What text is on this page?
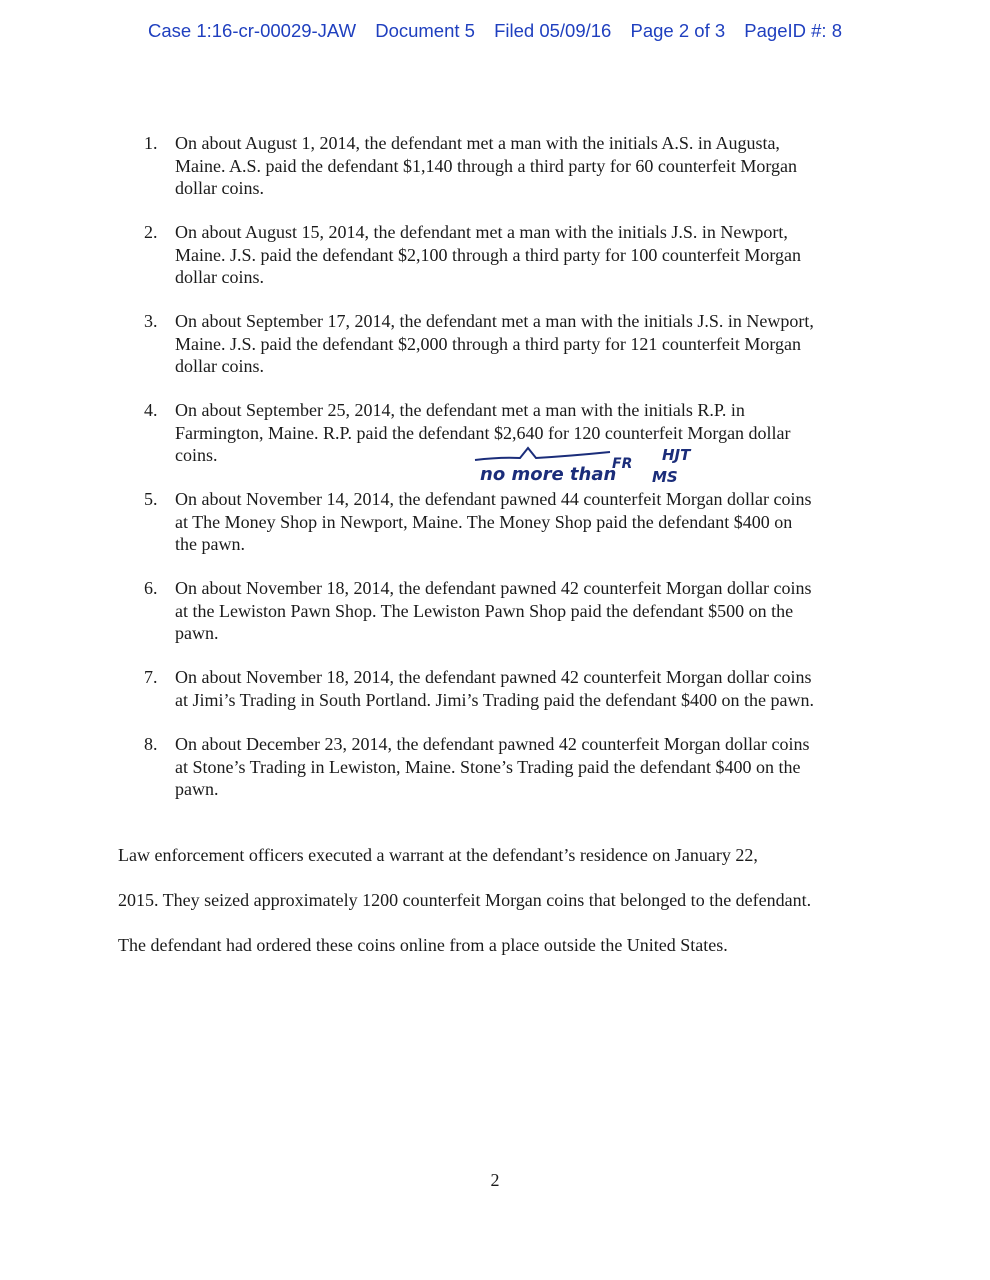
Case 1:16-cr-00029-JAW Document 5 Filed 05/09/16 Page 2 of 3 PageID #: 8
1. On about August 1, 2014, the defendant met a man with the initials A.S. in Augusta,
Maine. A.S. paid the defendant $1,140 through a third party for 60 counterfeit Morgan
dollar coins.
2. On about August 15, 2014, the defendant met a man with the initials J.S. in Newport,
Maine. J.S. paid the defendant $2,100 through a third party for 100 counterfeit Morgan
dollar coins.
3. On about September 17, 2014, the defendant met a man with the initials J.S. in Newport,
Maine. J.S. paid the defendant $2,000 through a third party for 121 counterfeit Morgan
dollar coins.
4. On about September 25, 2014, the defendant met a man with the initials R.P. in
Farmington, Maine. R.P. paid the defendant $2,640 for 120 counterfeit Morgan dollar
coins.
5. On about November 14, 2014, the defendant pawned 44 counterfeit Morgan dollar coins
at The Money Shop in Newport, Maine. The Money Shop paid the defendant $400 on
the pawn.
6. On about November 18, 2014, the defendant pawned 42 counterfeit Morgan dollar coins
at the Lewiston Pawn Shop. The Lewiston Pawn Shop paid the defendant $500 on the
pawn.
7. On about November 18, 2014, the defendant pawned 42 counterfeit Morgan dollar coins
at Jimi’s Trading in South Portland. Jimi’s Trading paid the defendant $400 on the pawn.
8. On about December 23, 2014, the defendant pawned 42 counterfeit Morgan dollar coins
at Stone’s Trading in Lewiston, Maine. Stone’s Trading paid the defendant $400 on the
pawn.
no more than
FR HJT
MS
Law enforcement officers executed a warrant at the defendant’s residence on January 22,
2015. They seized approximately 1200 counterfeit Morgan coins that belonged to the defendant.
The defendant had ordered these coins online from a place outside the United States.
2
